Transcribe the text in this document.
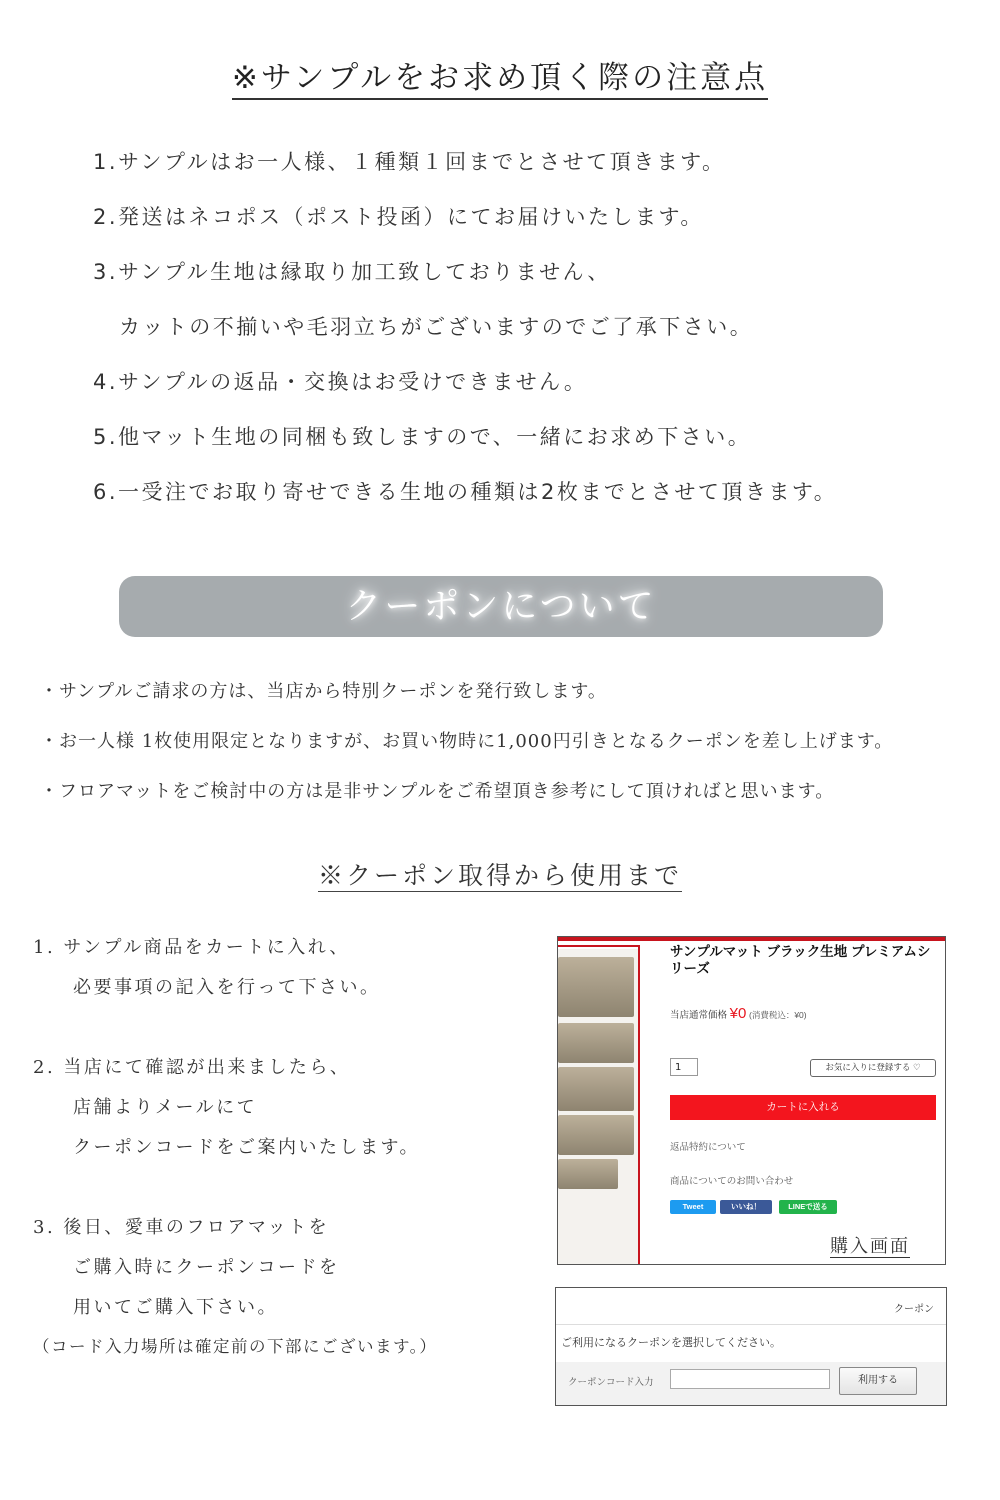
※サンプルをお求め頂く際の注意点
1.サンプルはお一人様、１種類１回までとさせて頂きます。
2.発送はネコポス（ポスト投函）にてお届けいたします。
3.サンプル生地は縁取り加工致しておりません、
カットの不揃いや毛羽立ちがございますのでご了承下さい。
4.サンプルの返品・交換はお受けできません。
5.他マット生地の同梱も致しますので、一緒にお求め下さい。
6.一受注でお取り寄せできる生地の種類は2枚までとさせて頂きます。
クーポンについて
・サンプルご請求の方は、当店から特別クーポンを発行致します。
・お一人様 1枚使用限定となりますが、お買い物時に1,000円引きとなるクーポンを差し上げます。
・フロアマットをご検討中の方は是非サンプルをご希望頂き参考にして頂ければと思います。
※クーポン取得から使用まで
1. サンプル商品をカートに入れ、
必要事項の記入を行って下さい。
2. 当店にて確認が出来ましたら、
店舗よりメールにて
クーポンコードをご案内いたします。
3. 後日、愛車のフロアマットを
ご購入時にクーポンコードを
用いてご購入下さい。
（コード入力場所は確定前の下部にございます。）
サンプルマット ブラック生地 プレミアムシリーズ
当店通常価格 ¥0 (消費税込：¥0)
1	お気に入りに登録する ♡
カートに入れる
返品特約について
商品についてのお問い合わせ
Tweet	いいね！	LINEで送る
購入画面
クーポン
ご利用になるクーポンを選択してください。
クーポンコード入力	利用する
